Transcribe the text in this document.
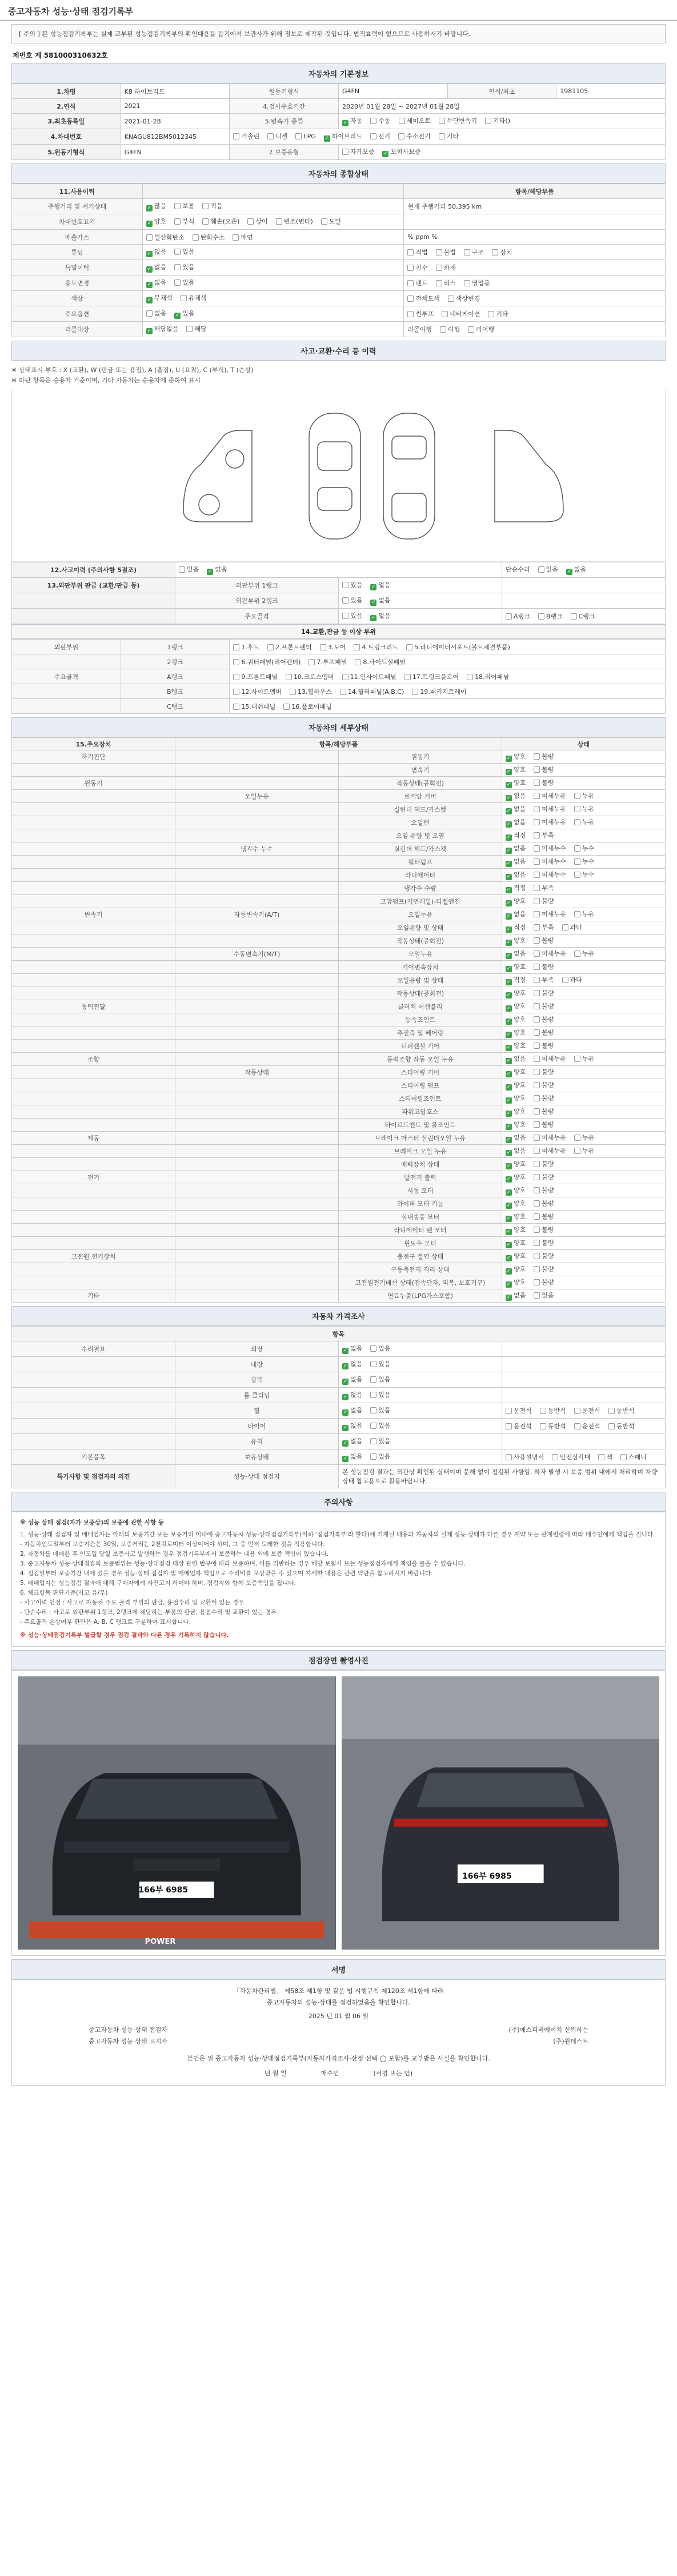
중고자동차 성능·상태 점검기록부
[ 주의 ] 본 성능점검기록부는 실제 교부된 성능점검기록부의 확인대용을 돕기에서 보관사가 위해 정보로 제작된 것입니다. 법적효력이 없으므로 사용하시기 바랍니다.
제번호 제 581000310632호
자동차의 기본정보
1.차명	K8 하이브리드	원동기형식	G4FN	연식/최초	1981105
2.연식	2021	4.검사유효기간	2020년 01월 28일 ~ 2027년 01월 28일		
3.최초등록일	2021-01-28	5.변속기 종류	✓ 자동 수동 세미오토 무단변속기 기타()		
4.차대번호	KNAGU812BM5012345	가솔린 디젤 LPG ✓ 하이브리드 전기 수소전기 기타			
5.원동기형식	G4FN	7.보증유형	자가보증 ✓ 보험사보증		
자동차의 종합상태
11.사용이력		항목/해당부품
주행거리 및 계기상태	✓ 많음 보통 적음	현재 주행거리 50,395 km
차대번호표기	✓ 양호 부식 훼손(오손) 상이 변조(변타) 도말	
배출가스	일산화탄소 탄화수소 매연	% ppm %
튜닝	✓ 없음 있음	적법 불법 구조 장치
특별이력	✓ 없음 있음	침수 화재
용도변경	✓ 없음 있음	렌트 리스 영업용
색상	✓ 무채색 유채색	전체도색 색상변경
주요옵션	없음 ✓ 있음	썬루프 네비게이션 기타
리콜대상	✓ 해당없음 해당	리콜이행 이행 미이행
사고·교환·수리 등 이력
※ 상태표시 부호 : X (교환), W (판금 또는 용접), A (흠집), U (요철), C (부식), T (손상)
※ 하단 항목은 승용차 기준이며, 기타 자동차는 승용차에 준하여 표시
12.사고이력 (주의사항 5절조)	있음 ✓ 없음		단순수리 있음 ✓ 없음
13.외판부위 판금 (교환/판금 등)	외판부위 1랭크	있음 ✓ 없음	
	외판부위 2랭크	있음 ✓ 없음	
	주요골격	있음 ✓ 없음	A랭크 B랭크 C랭크
14.교환,판금 등 이상 부위
외판부위	1랭크	1.후드 2.프론트펜더 3.도어 4.트렁크리드 5.라디에이터서포트(볼트체결부품)
	2랭크	6.쿼터패널(리어펜더) 7.루프패널 8.사이드실패널
주요골격	A랭크	9.프론트패널 10.크로스멤버 11.인사이드패널 17.트렁크플로어 18.리어패널
	B랭크	12.사이드멤버 13.휠하우스 14.필러패널(A,B,C) 19.패키지트레이
	C랭크	15.대쉬패널 16.플로어패널
자동차의 세부상태
15.주요장치	항목/해당부품		상태
자기진단		원동기	✓ 양호 불량
		변속기	✓ 양호 불량
원동기		작동상태(공회전)	✓ 양호 불량
	오일누유	로커암 커버	✓ 없음 미세누유 누유
		실린더 헤드/가스켓	✓ 없음 미세누유 누유
		오일팬	✓ 없음 미세누유 누유
		오일 유량 및 오염	✓ 적정 부족
	냉각수 누수	실린더 헤드/가스켓	✓ 없음 미세누수 누수
		워터펌프	✓ 없음 미세누수 누수
		라디에이터	✓ 없음 미세누수 누수
		냉각수 수량	✓ 적정 부족
		고압펌프(커먼레일)-디젤엔진	✓ 양호 불량
변속기	자동변속기(A/T)	오일누유	✓ 없음 미세누유 누유
		오일유량 및 상태	✓ 적정 부족 과다
		작동상태(공회전)	✓ 양호 불량
	수동변속기(M/T)	오일누유	✓ 없음 미세누유 누유
		기어변속장치	✓ 양호 불량
		오일유량 및 상태	✓ 적정 부족 과다
		작동상태(공회전)	✓ 양호 불량
동력전달		클러치 어셈블리	✓ 양호 불량
		등속조인트	✓ 양호 불량
		추진축 및 베어링	✓ 양호 불량
		디퍼렌셜 기어	✓ 양호 불량
조향		동력조향 작동 오일 누유	✓ 없음 미세누유 누유
	작동상태	스티어링 기어	✓ 양호 불량
		스티어링 펌프	✓ 양호 불량
		스티어링조인트	✓ 양호 불량
		파워고압호스	✓ 양호 불량
		타이로드엔드 및 볼조인트	✓ 양호 불량
제동		브레이크 마스터 실린더오일 누유	✓ 없음 미세누유 누유
		브레이크 오일 누유	✓ 없음 미세누유 누유
		배력장치 상태	✓ 양호 불량
전기		발전기 출력	✓ 양호 불량
		시동 모터	✓ 양호 불량
		와이퍼 모터 기능	✓ 양호 불량
		실내송풍 모터	✓ 양호 불량
		라디에이터 팬 모터	✓ 양호 불량
		윈도우 모터	✓ 양호 불량
고전원 전기장치		충전구 절연 상태	✓ 양호 불량
		구동축전지 격리 상태	✓ 양호 불량
		고전원전기배선 상태(접속단자, 피복, 보호기구)	✓ 양호 불량
기타		연료누출(LPG가스포함)	✓ 없음 있음
자동차 가격조사
항목			
수리필요	외장	✓ 없음 있음	
	내장	✓ 없음 있음	
	광택	✓ 없음 있음	
	룸 클리닝	✓ 없음 있음	
	휠	✓ 없음 있음	운전석 동반석 운전석 동반석
	타이어	✓ 없음 있음	운전석 동반석 운전석 동반석
	유리	✓ 없음 있음	
기본품목	보유상태	✓ 없음 있음	사용설명서 안전삼각대 잭 스패너
특기사항 및 점검자의 의견	성능·상태 점검자	본 성능점검 결과는 외관상 확인된 상태이며 분해 없이 점검된 사항임. 하자 발생 시 보증 범위 내에서 처리하며 차량 상태 참고용으로 활용바랍니다.	
주의사항
※ 성능 상태 점검(자가 보증상)의 보증에 관한 사항 등
1. 성능·상태 점검자 및 매매업자는 아래의 보증기간 또는 보증거리 이내에 중고자동차 성능·상태점검기록부(이하 '점검기록부'라 한다)에 기재된 내용과 자동차의 실제 성능·상태가 다른 경우 계약 또는 관계법령에 따라 매수인에게 책임을 집니다.
- 자동차인도일부터 보증기간은 30일, 보증거리는 2천킬로미터 이상이어야 하며, 그 중 먼저 도래한 것을 적용합니다.
2. 자동차를 매매한 후 인도일 당일 보증사고 발생하는 경우 점검기록부에서 보증하는 내용 외에 보증 책임이 있습니다.
3. 중고자동차 성능·상태점검의 보증범위는 성능·상태점검 대상 관련 법규에 따라 보증하며, 이를 위반하는 경우 해당 보험사 또는 성능점검자에게 책임을 물을 수 있습니다.
4. 점검일부터 보증기간 내에 있을 경우 성능·상태 점검자 및 매매업자 책임으로 수리비를 보상받을 수 있으며 자세한 내용은 관련 약관을 참고하시기 바랍니다.
5. 매매업자는 성능점검 결과에 대해 구매자에게 사전고지 하여야 하며, 점검자와 함께 보증책임을 집니다.
6. 체크항목 판단기준(사고 유/무)
- 사고이력 인정 : 사고로 자동차 주요 골격 부위의 판금, 용접수리 및 교환이 있는 경우
- 단순수리 : 사고로 외판부위 1랭크, 2랭크에 해당하는 부품의 판금, 용접수리 및 교환이 있는 경우
- 주요골격 손상여부 판단은 A, B, C 랭크로 구분하여 표시합니다.
※ 성능·상태점검기록부 발급할 경우 점검 결과와 다른 경우 기록하지 않습니다.
점검장면 촬영사진
166부 6985
POWER
166부 6985
서명
「자동차관리법」 제58조 제1항 및 같은 법 시행규칙 제120조 제1항에 따라
중고자동차의 성능·상태를 점검하였음을 확인합니다.
2025 년 01 월 06 일
중고자동차 성능·상태 점검자	(주)에스피비에이치 신뢰하는
중고자동차 성능·상태 고지자	(주)원테스트
본인은 위 중고자동차 성능·상태점검기록부(자동차가격조사·산정 선택 ◯ 포함)를 교부받은 사실을 확인합니다.
년 월 일	매수인	(서명 또는 인)
